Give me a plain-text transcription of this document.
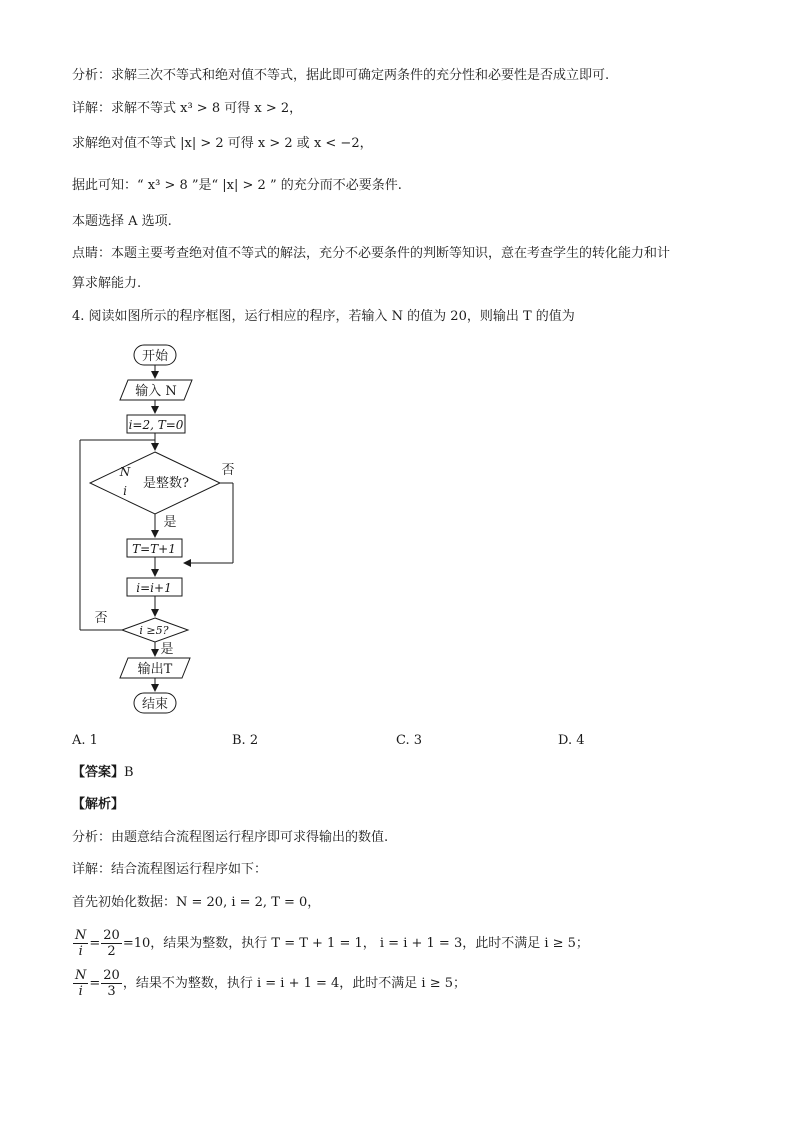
分析：求解三次不等式和绝对值不等式，据此即可确定两条件的充分性和必要性是否成立即可.
详解：求解不等式 x³ > 8 可得 x > 2，
求解绝对值不等式 |x| > 2 可得 x > 2 或 x < −2，
据此可知：“ x³ > 8 ”是“ |x| > 2 ” 的充分而不必要条件.
本题选择 A 选项.
点睛：本题主要考查绝对值不等式的解法，充分不必要条件的判断等知识，意在考查学生的转化能力和计
算求解能力.
4. 阅读如图所示的程序框图，运行相应的程序，若输入 N 的值为 20，则输出 T 的值为
开始
输入 N
i=2, T=0
N
i 是整数?
否
是
T=T+1
i=i+1
i ≥5?
否
是
输出T
结束
A. 1	B. 2	C. 3	D. 4
【答案】B
【解析】
分析：由题意结合流程图运行程序即可求得输出的数值.
详解：结合流程图运行程序如下：
首先初始化数据：N = 20, i = 2, T = 0，
$\frac{N}{i} = \frac{20}{2} =10$，结果为整数，执行 T = T + 1 = 1， i = i + 1 = 3，此时不满足 i ≥ 5；
$\frac{N}{i} = \frac{20}{3}$ ，结果不为整数，执行 i = i + 1 = 4，此时不满足 i ≥ 5；
